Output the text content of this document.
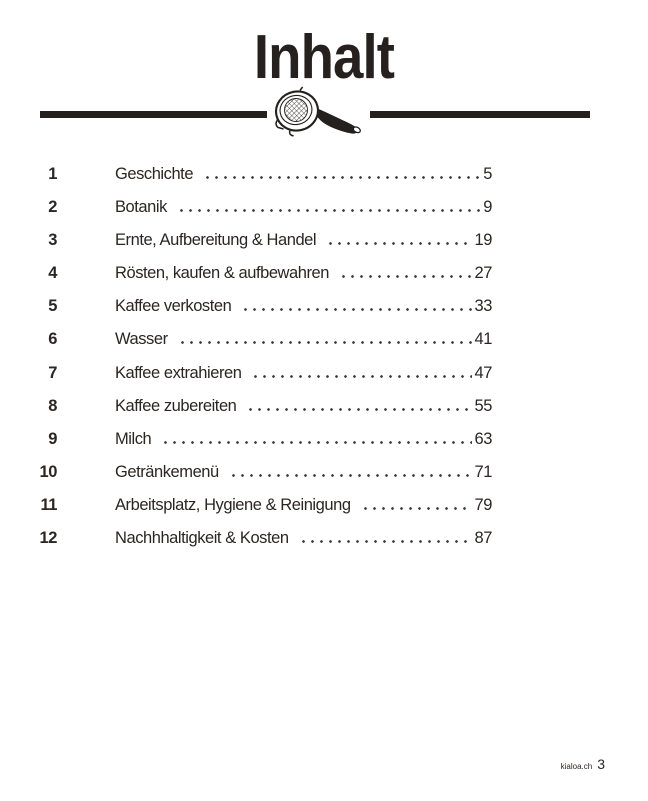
Inhalt
1	Geschichte	5
2	Botanik	9
3	Ernte, Aufbereitung & Handel	19
4	Rösten, kaufen & aufbewahren	27
5	Kaffee verkosten	33
6	Wasser	41
7	Kaffee extrahieren	47
8	Kaffee zubereiten	55
9	Milch	63
10	Getränkemenü	71
11	Arbeitsplatz, Hygiene & Reinigung	79
12	Nachhhaltigkeit & Kosten	87
kialoa.ch 3
